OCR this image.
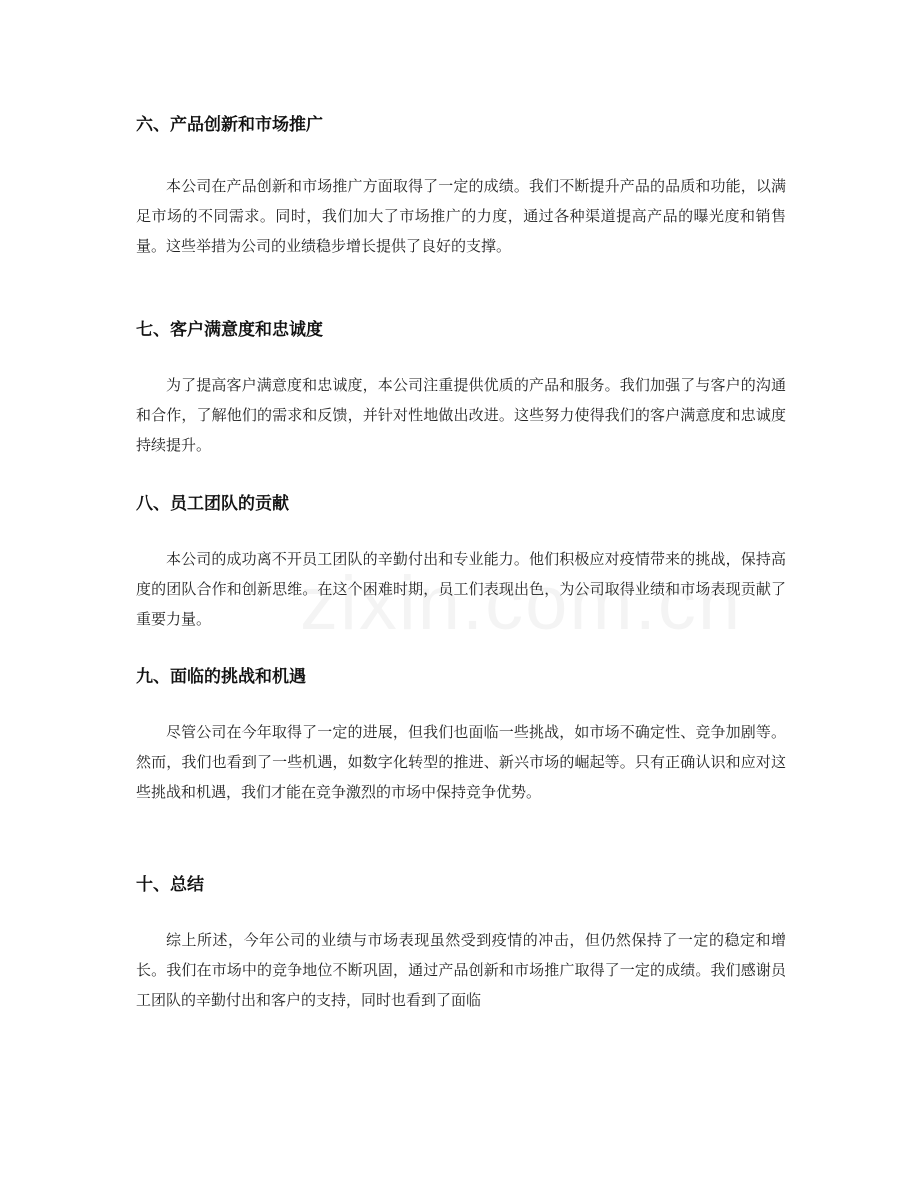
六、产品创新和市场推广

本公司在产品创新和市场推广方面取得了一定的成绩。我们不断提升产品的品质和功能，以满足市场的不同需求。同时，我们加大了市场推广的力度，通过各种渠道提高产品的曝光度和销售量。这些举措为公司的业绩稳步增长提供了良好的支撑。

七、客户满意度和忠诚度

为了提高客户满意度和忠诚度，本公司注重提供优质的产品和服务。我们加强了与客户的沟通和合作，了解他们的需求和反馈，并针对性地做出改进。这些努力使得我们的客户满意度和忠诚度持续提升。

八、员工团队的贡献

本公司的成功离不开员工团队的辛勤付出和专业能力。他们积极应对疫情带来的挑战，保持高度的团队合作和创新思维。在这个困难时期，员工们表现出色，为公司取得业绩和市场表现贡献了重要力量。

九、面临的挑战和机遇

尽管公司在今年取得了一定的进展，但我们也面临一些挑战，如市场不确定性、竞争加剧等。然而，我们也看到了一些机遇，如数字化转型的推进、新兴市场的崛起等。只有正确认识和应对这些挑战和机遇，我们才能在竞争激烈的市场中保持竞争优势。

十、总结

综上所述，今年公司的业绩与市场表现虽然受到疫情的冲击，但仍然保持了一定的稳定和增长。我们在市场中的竞争地位不断巩固，通过产品创新和市场推广取得了一定的成绩。我们感谢员工团队的辛勤付出和客户的支持，同时也看到了面临
